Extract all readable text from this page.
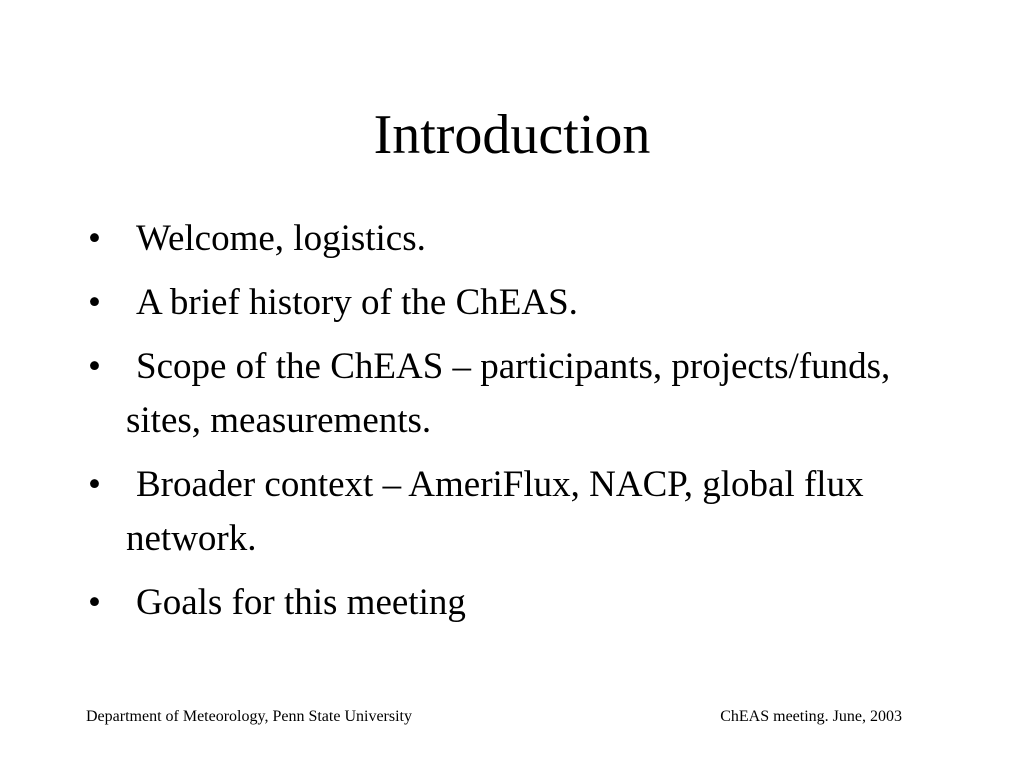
Introduction
• Welcome, logistics.
• A brief history of the ChEAS.
• Scope of the ChEAS – participants, projects/funds, sites, measurements.
• Broader context – AmeriFlux, NACP, global flux network.
• Goals for this meeting
Department of Meteorology, Penn State University	ChEAS meeting. June, 2003
